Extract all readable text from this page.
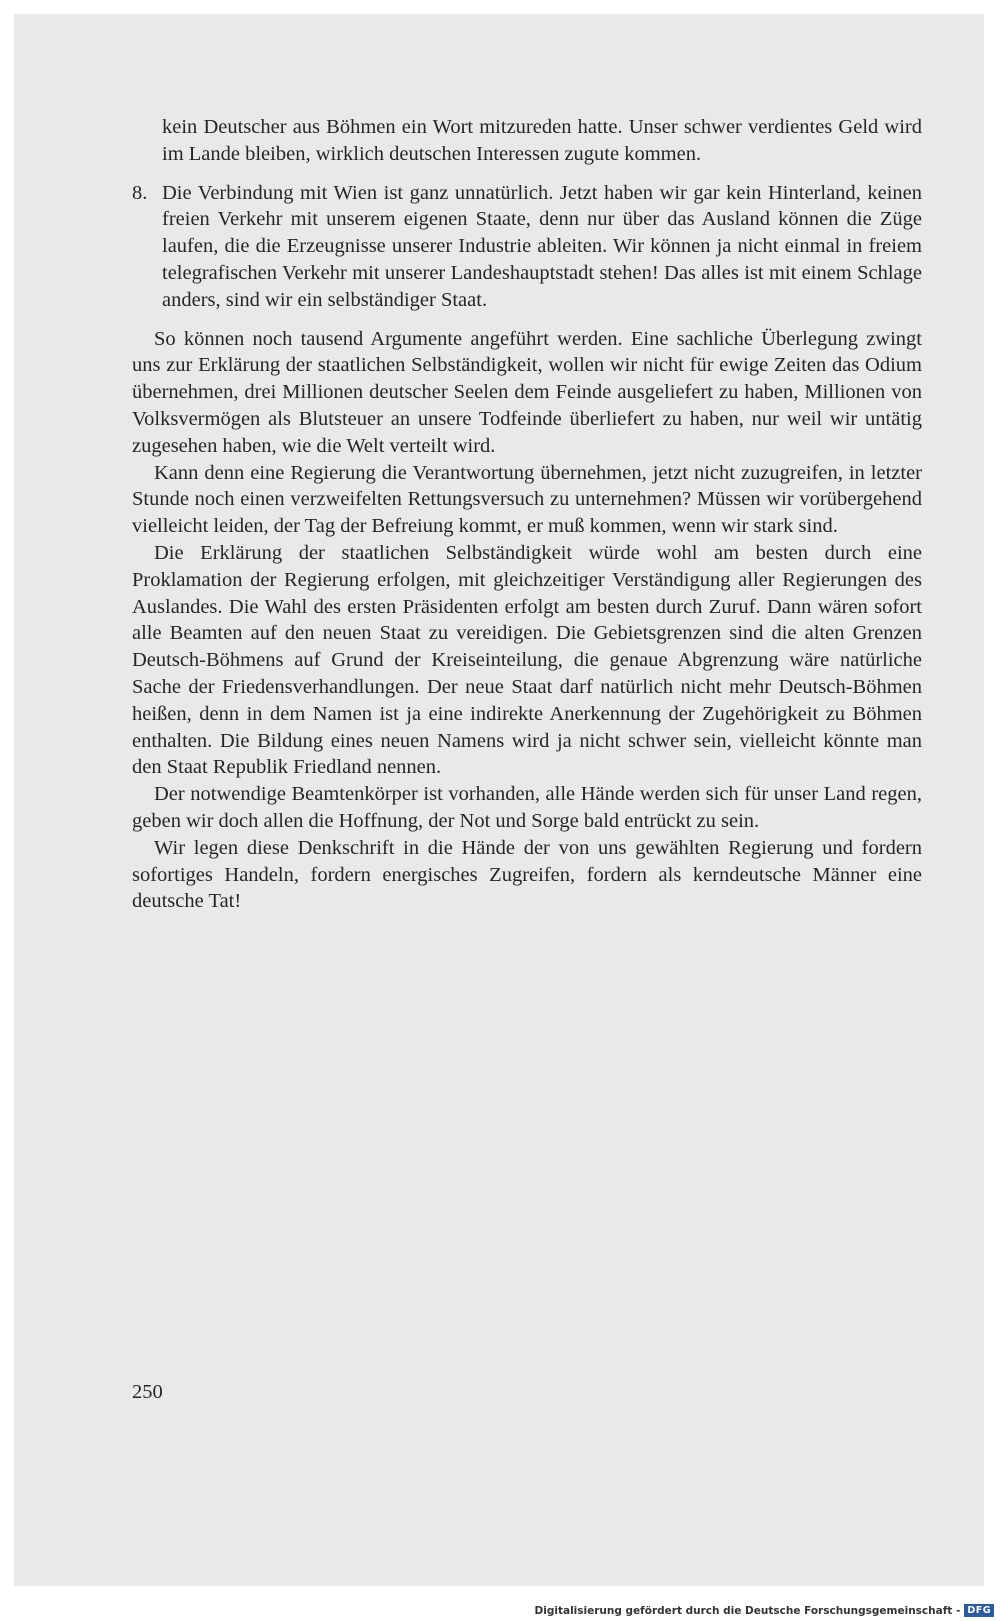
kein Deutscher aus Böhmen ein Wort mitzureden hatte. Unser schwer verdientes Geld wird im Lande bleiben, wirklich deutschen Interessen zugute kommen.

8. Die Verbindung mit Wien ist ganz unnatürlich. Jetzt haben wir gar kein Hinterland, keinen freien Verkehr mit unserem eigenen Staate, denn nur über das Ausland können die Züge laufen, die die Erzeugnisse unserer Industrie ableiten. Wir können ja nicht einmal in freiem telegrafischen Verkehr mit unserer Landeshauptstadt stehen! Das alles ist mit einem Schlage anders, sind wir ein selbständiger Staat.

So können noch tausend Argumente angeführt werden. Eine sachliche Überlegung zwingt uns zur Erklärung der staatlichen Selbständigkeit, wollen wir nicht für ewige Zeiten das Odium übernehmen, drei Millionen deutscher Seelen dem Feinde ausgeliefert zu haben, Millionen von Volksvermögen als Blutsteuer an unsere Todfeinde überliefert zu haben, nur weil wir untätig zugesehen haben, wie die Welt verteilt wird.

Kann denn eine Regierung die Verantwortung übernehmen, jetzt nicht zuzugreifen, in letzter Stunde noch einen verzweifelten Rettungsversuch zu unternehmen? Müssen wir vorübergehend vielleicht leiden, der Tag der Befreiung kommt, er muß kommen, wenn wir stark sind.

Die Erklärung der staatlichen Selbständigkeit würde wohl am besten durch eine Proklamation der Regierung erfolgen, mit gleichzeitiger Verständigung aller Regierungen des Auslandes. Die Wahl des ersten Präsidenten erfolgt am besten durch Zuruf. Dann wären sofort alle Beamten auf den neuen Staat zu vereidigen. Die Gebietsgrenzen sind die alten Grenzen Deutsch-Böhmens auf Grund der Kreiseinteilung, die genaue Abgrenzung wäre natürliche Sache der Friedensverhandlungen. Der neue Staat darf natürlich nicht mehr Deutsch-Böhmen heißen, denn in dem Namen ist ja eine indirekte Anerkennung der Zugehörigkeit zu Böhmen enthalten. Die Bildung eines neuen Namens wird ja nicht schwer sein, vielleicht könnte man den Staat Republik Friedland nennen.

Der notwendige Beamtenkörper ist vorhanden, alle Hände werden sich für unser Land regen, geben wir doch allen die Hoffnung, der Not und Sorge bald entrückt zu sein.

Wir legen diese Denkschrift in die Hände der von uns gewählten Regierung und fordern sofortiges Handeln, fordern energisches Zugreifen, fordern als kerndeutsche Männer eine deutsche Tat!

250
Digitalisierung gefördert durch die Deutsche Forschungsgemeinschaft - DFG
